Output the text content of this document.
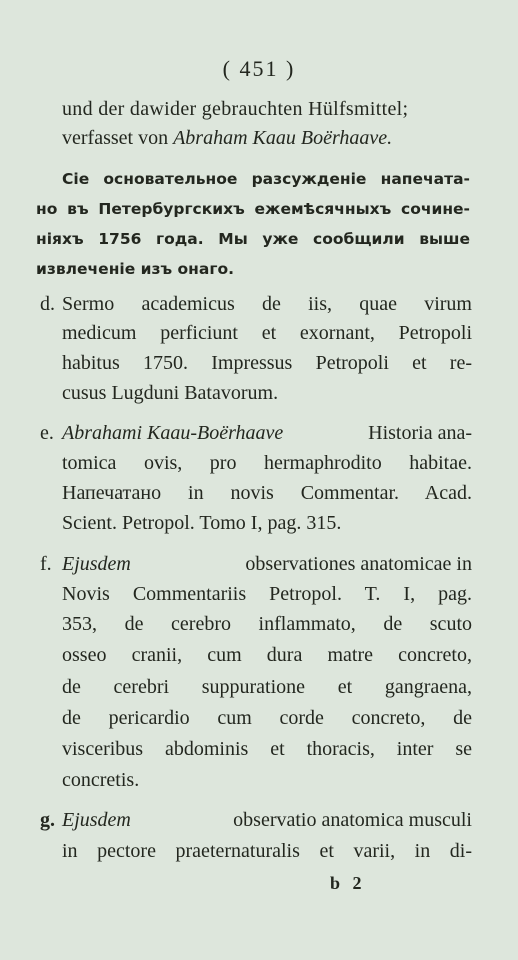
( 451 )
und der dawider gebrauchten Hülfsmittel;
verfasset von Abraham Kaau Boërhaave.
Сіе основательное разсужденіе напечата-
но въ Петербургскихъ ежемѣсячныхъ сочине-
ніяхъ 1756 года. Мы уже сообщили выше
извлеченіе изъ онаго.
d. Sermo academicus de iis, quae virum
medicum perficiunt et exornant, Petropoli
habitus 1750. Impressus Petropoli et re-
cusus Lugduni Batavorum.
e. Abrahami Kaau-Boërhaave	Historia ana-
tomica ovis, pro hermaphrodito habitae.
Напечатано in novis Commentar. Acad.
Scient. Petropol. Tomo I, pag. 315.
f. Ejusdem	observationes anatomicae in
Novis Commentariis Petropol. T. I, pag.
353, de cerebro inflammato, de scuto
osseo cranii, cum dura matre concreto,
de cerebri suppuratione et gangraena,
de pericardio cum corde concreto, de
visceribus abdominis et thoracis, inter se
concretis.
g. Ejusdem	observatio anatomica musculi
in pectore praeternaturalis et varii, in di-
b 2
